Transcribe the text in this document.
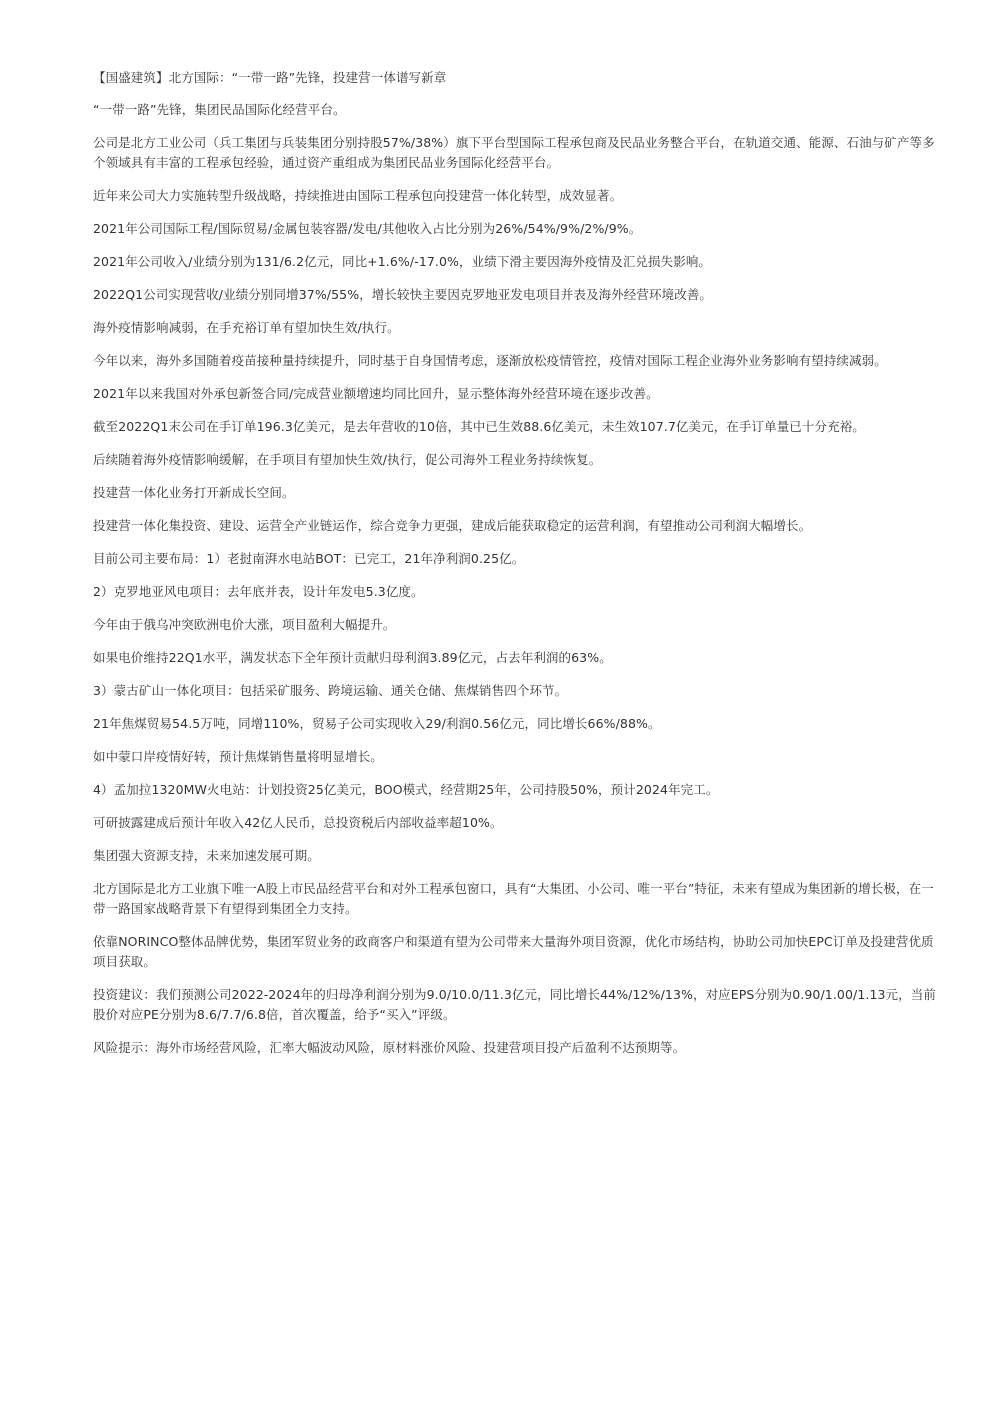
【国盛建筑】北方国际：“一带一路”先锋，投建营一体谱写新章

“一带一路”先锋，集团民品国际化经营平台。

公司是北方工业公司（兵工集团与兵装集团分别持股57%/38%）旗下平台型国际工程承包商及民品业务整合平台，在轨道交通、能源、石油与矿产等多个领域具有丰富的工程承包经验，通过资产重组成为集团民品业务国际化经营平台。

近年来公司大力实施转型升级战略，持续推进由国际工程承包向投建营一体化转型，成效显著。

2021年公司国际工程/国际贸易/金属包装容器/发电/其他收入占比分别为26%/54%/9%/2%/9%。

2021年公司收入/业绩分别为131/6.2亿元，同比+1.6%/-17.0%，业绩下滑主要因海外疫情及汇兑损失影响。

2022Q1公司实现营收/业绩分别同增37%/55%，增长较快主要因克罗地亚发电项目并表及海外经营环境改善。

海外疫情影响减弱，在手充裕订单有望加快生效/执行。

今年以来，海外多国随着疫苗接种量持续提升，同时基于自身国情考虑，逐渐放松疫情管控，疫情对国际工程企业海外业务影响有望持续减弱。

2021年以来我国对外承包新签合同/完成营业额增速均同比回升，显示整体海外经营环境在逐步改善。

截至2022Q1末公司在手订单196.3亿美元，是去年营收的10倍，其中已生效88.6亿美元，未生效107.7亿美元，在手订单量已十分充裕。

后续随着海外疫情影响缓解，在手项目有望加快生效/执行，促公司海外工程业务持续恢复。

投建营一体化业务打开新成长空间。

投建营一体化集投资、建设、运营全产业链运作，综合竞争力更强，建成后能获取稳定的运营利润，有望推动公司利润大幅增长。

目前公司主要布局：1）老挝南湃水电站BOT：已完工，21年净利润0.25亿。

2）克罗地亚风电项目：去年底并表，设计年发电5.3亿度。

今年由于俄乌冲突欧洲电价大涨，项目盈利大幅提升。

如果电价维持22Q1水平，满发状态下全年预计贡献归母利润3.89亿元，占去年利润的63%。

3）蒙古矿山一体化项目：包括采矿服务、跨境运输、通关仓储、焦煤销售四个环节。

21年焦煤贸易54.5万吨，同增110%，贸易子公司实现收入29/利润0.56亿元，同比增长66%/88%。

如中蒙口岸疫情好转，预计焦煤销售量将明显增长。

4）孟加拉1320MW火电站：计划投资25亿美元，BOO模式，经营期25年，公司持股50%，预计2024年完工。

可研披露建成后预计年收入42亿人民币，总投资税后内部收益率超10%。

集团强大资源支持，未来加速发展可期。

北方国际是北方工业旗下唯一A股上市民品经营平台和对外工程承包窗口，具有“大集团、小公司、唯一平台”特征，未来有望成为集团新的增长极，在一带一路国家战略背景下有望得到集团全力支持。

依靠NORINCO整体品牌优势，集团军贸业务的政商客户和渠道有望为公司带来大量海外项目资源，优化市场结构，协助公司加快EPC订单及投建营优质项目获取。

投资建议：我们预测公司2022-2024年的归母净利润分别为9.0/10.0/11.3亿元，同比增长44%/12%/13%，对应EPS分别为0.90/1.00/1.13元，当前股价对应PE分别为8.6/7.7/6.8倍，首次覆盖，给予“买入”评级。

风险提示：海外市场经营风险，汇率大幅波动风险，原材料涨价风险、投建营项目投产后盈利不达预期等。
